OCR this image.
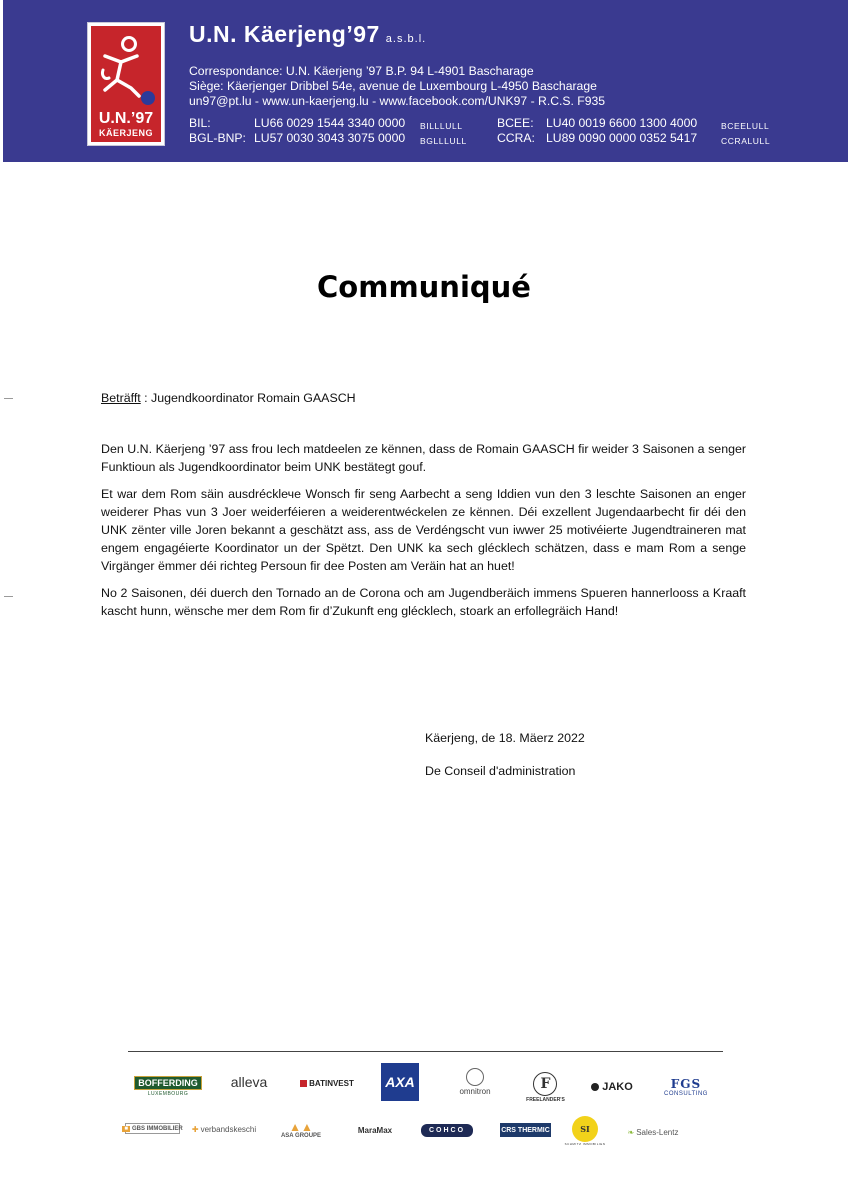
U.N.’97
KÄERJENG
U.N. Käerjeng’97 a.s.b.l.
Correspondance: U.N. Käerjeng ’97 B.P. 94 L-4901 Bascharage
Siège: Käerjenger Dribbel 54e, avenue de Luxembourg L-4950 Bascharage
un97@pt.lu - www.un-kaerjeng.lu - www.facebook.com/UNK97 - R.C.S. F935
BIL:	LU66 0029 1544 3340 0000 BILLLULL
BGL-BNP: LU57 0030 3043 3075 0000 BGLLLULL
BCEE: LU40 0019 6600 1300 4000	BCEELULL
CCRA: LU89 0090 0000 0352 5417	CCRALULL
Communiqué
Beträfft : Jugendkoordinator Romain GAASCH
Den U.N. Käerjeng ’97 ass frou Iech matdeelen ze kënnen, dass de Romain GAASCH fir weider 3 Saisonen a senger Funktioun als Jugendkoordinator beim UNK bestätegt gouf.
Et war dem Rom säin ausdrécklече Wonsch fir seng Aarbecht a seng Iddien vun den 3 leschte Saisonen an enger weiderer Phas vun 3 Joer weiderféieren a weiderentwéckelen ze kënnen. Déi exzellent Jugendaarbecht fir déi den UNK zënter ville Joren bekannt a geschätzt ass, ass de Verdéngscht vun iwwer 25 motivéierte Jugendtraineren mat engem engagéierte Koordinator un der Spëtzt. Den UNK ka sech glécklech schätzen, dass e mam Rom a senge Virgänger ëmmer déi richteg Persoun fir dee Posten am Veräin hat an huet!
No 2 Saisonen, déi duerch den Tornado an de Corona och am Jugendberäich immens Spueren hannerlooss a Kraaft kascht hunn, wënsche mer dem Rom fir d’Zukunft eng glécklech, stoark an erfollegräich Hand!
Käerjeng, de 18. Mäerz 2022
De Conseil d'administration
BOFFERDING
LUXEMBOURG
alleva	BATINVEST AXA
omnitron	F
FREELANDER'S
JAKO	FGS
CONSULTING
■ GBS IMMOBILIER ✚ verbandskeschi	▲▲
ASA GROUPE
MaraMax	COHCO	CRS THERMIC	SI
SCHMITZ IMMOBILIEN
❧ Sales-Lentz
